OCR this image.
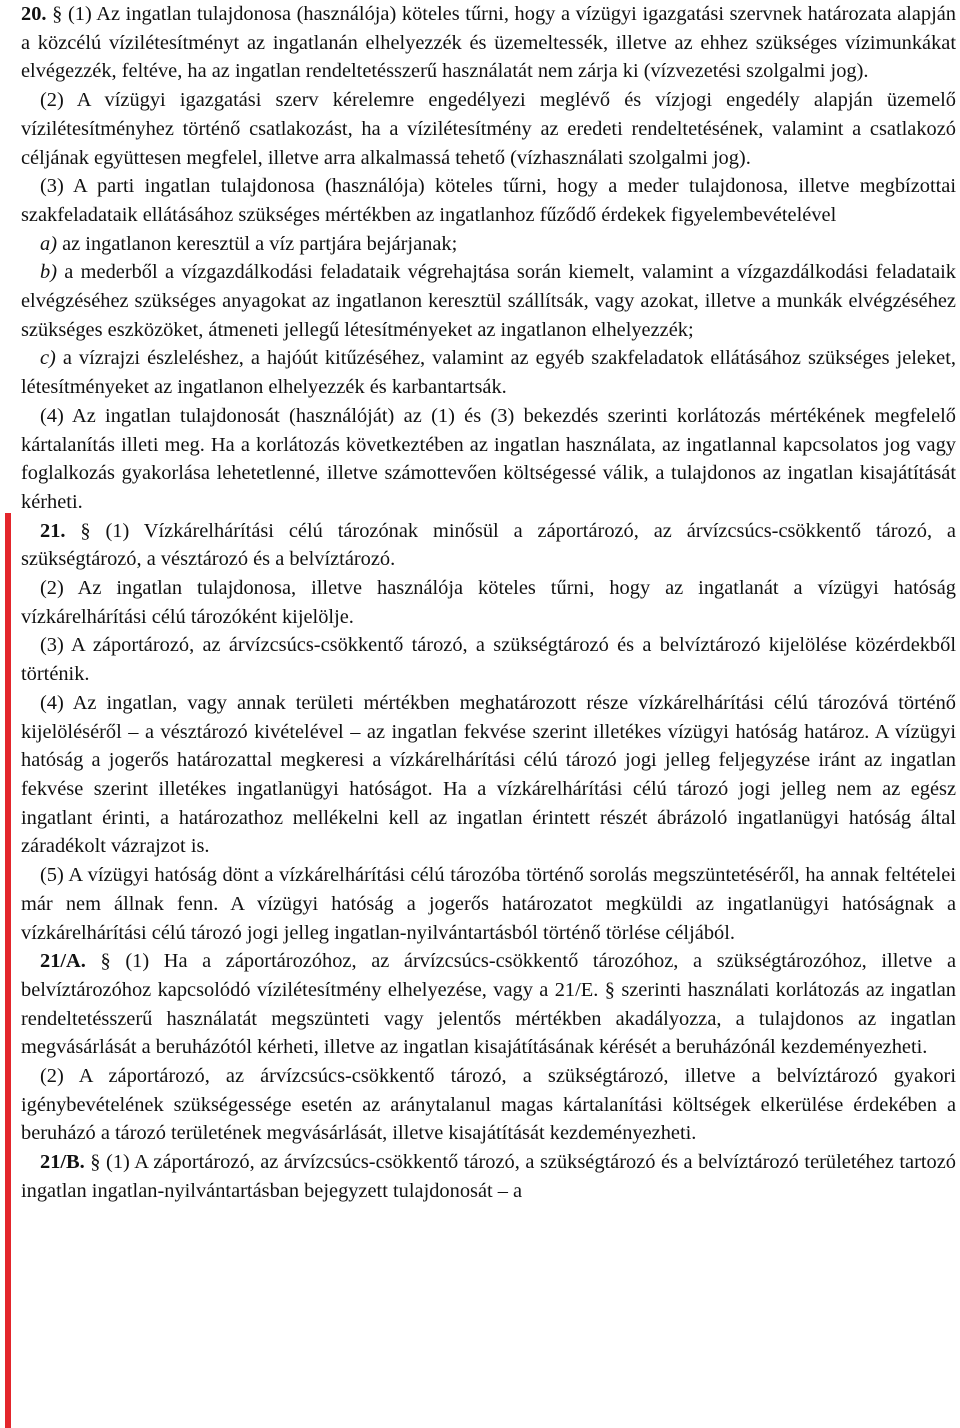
20. § (1) Az ingatlan tulajdonosa (használója) köteles tűrni, hogy a vízügyi igazgatási szervnek határozata alapján a közcélú vízilétesítményt az ingatlanán elhelyezzék és üzemeltessék, illetve az ehhez szükséges vízimunkákat elvégezzék, feltéve, ha az ingatlan rendeltetésszerű használatát nem zárja ki (vízvezetési szolgalmi jog).

(2) A vízügyi igazgatási szerv kérelemre engedélyezi meglévő és vízjogi engedély alapján üzemelő vízilétesítményhez történő csatlakozást, ha a vízilétesítmény az eredeti rendeltetésének, valamint a csatlakozó céljának együttesen megfelel, illetve arra alkalmassá tehető (vízhasználati szolgalmi jog).

(3) A parti ingatlan tulajdonosa (használója) köteles tűrni, hogy a meder tulajdonosa, illetve megbízottai szakfeladataik ellátásához szükséges mértékben az ingatlanhoz fűződő érdekek figyelembevételével

a) az ingatlanon keresztül a víz partjára bejárjanak;

b) a mederből a vízgazdálkodási feladataik végrehajtása során kiemelt, valamint a vízgazdálkodási feladataik elvégzéséhez szükséges anyagokat az ingatlanon keresztül szállítsák, vagy azokat, illetve a munkák elvégzéséhez szükséges eszközöket, átmeneti jellegű létesítményeket az ingatlanon elhelyezzék;

c) a vízrajzi észleléshez, a hajóút kitűzéséhez, valamint az egyéb szakfeladatok ellátásához szükséges jeleket, létesítményeket az ingatlanon elhelyezzék és karbantartsák.

(4) Az ingatlan tulajdonosát (használóját) az (1) és (3) bekezdés szerinti korlátozás mértékének megfelelő kártalanítás illeti meg. Ha a korlátozás következtében az ingatlan használata, az ingatlannal kapcsolatos jog vagy foglalkozás gyakorlása lehetetlenné, illetve számottevően költségessé válik, a tulajdonos az ingatlan kisajátítását kérheti.

21. § (1) Vízkárelhárítási célú tározónak minősül a záportározó, az árvízcsúcs-csökkentő tározó, a szükségtározó, a vésztározó és a belvíztározó.

(2) Az ingatlan tulajdonosa, illetve használója köteles tűrni, hogy az ingatlanát a vízügyi hatóság vízkárelhárítási célú tározóként kijelölje.

(3) A záportározó, az árvízcsúcs-csökkentő tározó, a szükségtározó és a belvíztározó kijelölése közérdekből történik.

(4) Az ingatlan, vagy annak területi mértékben meghatározott része vízkárelhárítási célú tározóvá történő kijelöléséről – a vésztározó kivételével – az ingatlan fekvése szerint illetékes vízügyi hatóság határoz. A vízügyi hatóság a jogerős határozattal megkeresi a vízkárelhárítási célú tározó jogi jelleg feljegyzése iránt az ingatlan fekvése szerint illetékes ingatlanügyi hatóságot. Ha a vízkárelhárítási célú tározó jogi jelleg nem az egész ingatlant érinti, a határozathoz mellékelni kell az ingatlan érintett részét ábrázoló ingatlanügyi hatóság által záradékolt vázrajzot is.

(5) A vízügyi hatóság dönt a vízkárelhárítási célú tározóba történő sorolás megszüntetéséről, ha annak feltételei már nem állnak fenn. A vízügyi hatóság a jogerős határozatot megküldi az ingatlanügyi hatóságnak a vízkárelhárítási célú tározó jogi jelleg ingatlan-nyilvántartásból történő törlése céljából.

21/A. § (1) Ha a záportározóhoz, az árvízcsúcs-csökkentő tározóhoz, a szükségtározóhoz, illetve a belvíztározóhoz kapcsolódó vízilétesítmény elhelyezése, vagy a 21/E. § szerinti használati korlátozás az ingatlan rendeltetésszerű használatát megszünteti vagy jelentős mértékben akadályozza, a tulajdonos az ingatlan megvásárlását a beruházótól kérheti, illetve az ingatlan kisajátításának kérését a beruházónál kezdeményezheti.

(2) A záportározó, az árvízcsúcs-csökkentő tározó, a szükségtározó, illetve a belvíztározó gyakori igénybevételének szükségessége esetén az aránytalanul magas kártalanítási költségek elkerülése érdekében a beruházó a tározó területének megvásárlását, illetve kisajátítását kezdeményezheti.

21/B. § (1) A záportározó, az árvízcsúcs-csökkentő tározó, a szükségtározó és a belvíztározó területéhez tartozó ingatlan ingatlan-nyilvántartásban bejegyzett tulajdonosát – a
